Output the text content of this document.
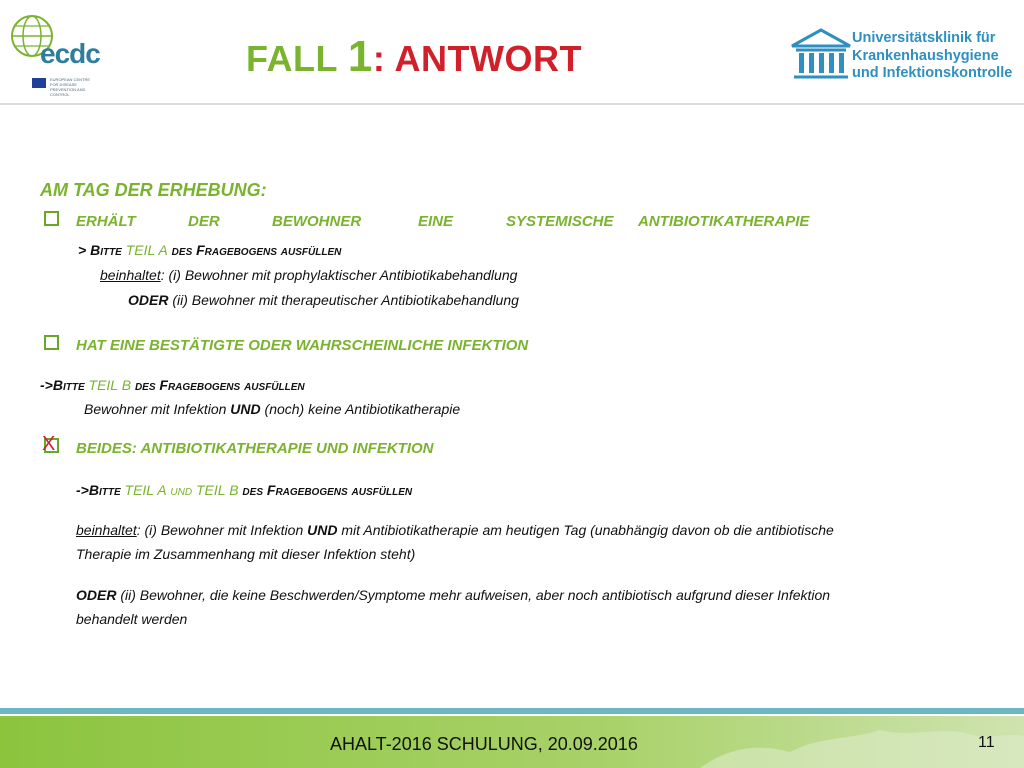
ecdc
EUROPEAN CENTRE FOR DISEASE PREVENTION AND CONTROL
FALL 1: ANTWORT	Universitätsklinik für
Krankenhaushygiene
und Infektionskontrolle
AM TAG DER ERHEBUNG:
ERHÄLT	DER	BEWOHNER	EINE	SYSTEMISCHE ANTIBIOTIKATHERAPIE
> Bitte TEIL A des Fragebogens ausfüllen
beinhaltet: (i) Bewohner mit prophylaktischer Antibiotikabehandlung
ODER (ii) Bewohner mit therapeutischer Antibiotikabehandlung
HAT EINE BESTÄTIGTE ODER WAHRSCHEINLICHE INFEKTION
->Bitte TEIL B des Fragebogens ausfüllen
Bewohner mit Infektion UND (noch) keine Antibiotikatherapie
X BEIDES: ANTIBIOTIKATHERAPIE UND INFEKTION
->Bitte TEIL A und TEIL B des Fragebogens ausfüllen
beinhaltet: (i) Bewohner mit Infektion UND mit Antibiotikatherapie am heutigen Tag (unabhängig davon ob die antibiotische
Therapie im Zusammenhang mit dieser Infektion steht)
ODER (ii) Bewohner, die keine Beschwerden/Symptome mehr aufweisen, aber noch antibiotisch aufgrund dieser Infektion
behandelt werden
AHALT-2016 SCHULUNG, 20.09.2016	11
